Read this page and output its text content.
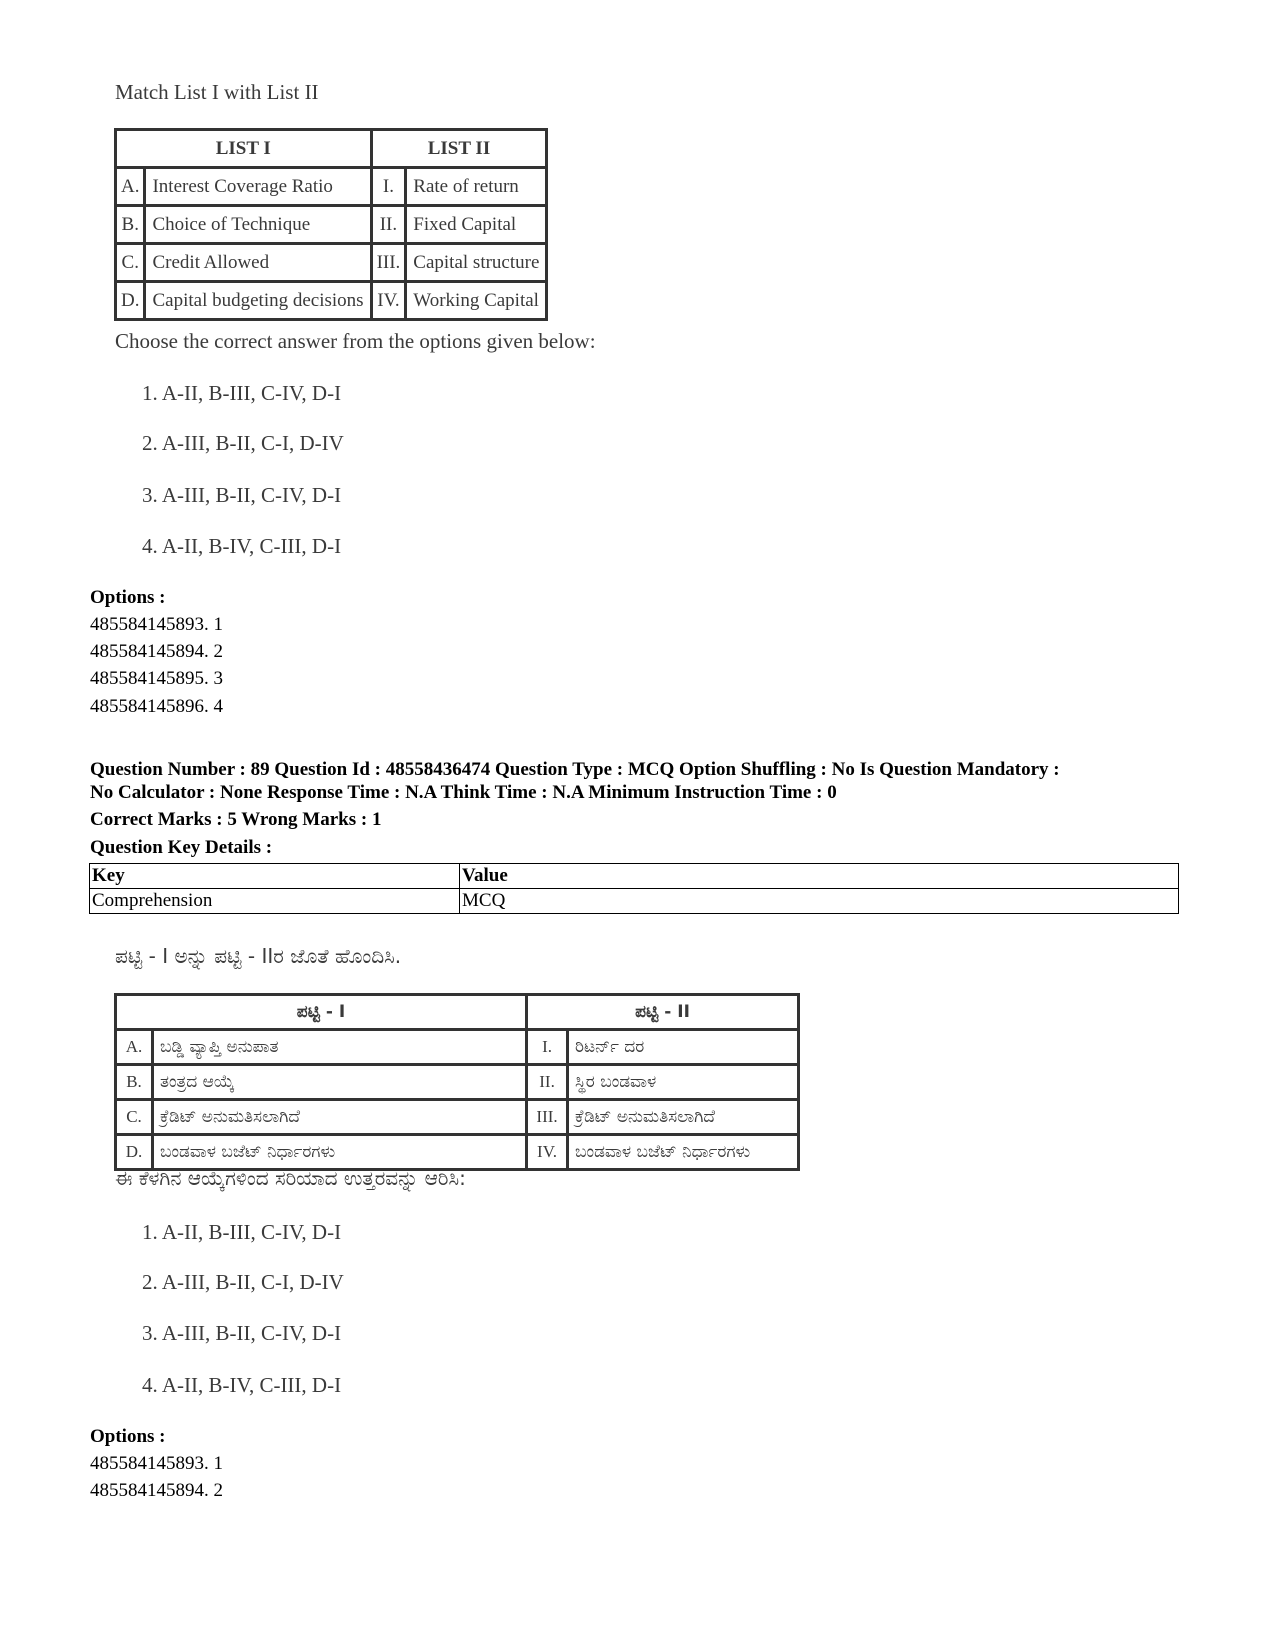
Match List I with List II
LIST I		LIST II	
A.	Interest Coverage Ratio	I.	Rate of return
B.	Choice of Technique	II.	Fixed Capital
C.	Credit Allowed	III.	Capital structure
D.	Capital budgeting decisions	IV.	Working Capital
Choose the correct answer from the options given below:
1. A-II, B-III, C-IV, D-I
2. A-III, B-II, C-I, D-IV
3. A-III, B-II, C-IV, D-I
4. A-II, B-IV, C-III, D-I
Options :
485584145893. 1
485584145894. 2
485584145895. 3
485584145896. 4
Question Number : 89 Question Id : 48558436474 Question Type : MCQ Option Shuffling : No Is Question Mandatory :
No Calculator : None Response Time : N.A Think Time : N.A Minimum Instruction Time : 0
Correct Marks : 5 Wrong Marks : 1
Question Key Details :
Key	Value
Comprehension	MCQ
ಪಟ್ಟಿ - I ಅನ್ನು ಪಟ್ಟಿ - IIರ ಜೊತೆ ಹೊಂದಿಸಿ.
ಪಟ್ಟಿ - I		ಪಟ್ಟಿ - II	
A.	ಬಡ್ಡಿ ವ್ಯಾಪ್ತಿ ಅನುಪಾತ	I.	ರಿಟರ್ನ್ ದರ
B.	ತಂತ್ರದ ಆಯ್ಕೆ	II.	ಸ್ಥಿರ ಬಂಡವಾಳ
C.	ಕ್ರೆಡಿಟ್ ಅನುಮತಿಸಲಾಗಿದೆ	III.	ಕ್ರೆಡಿಟ್ ಅನುಮತಿಸಲಾಗಿದೆ
D.	ಬಂಡವಾಳ ಬಜೆಟ್ ನಿರ್ಧಾರಗಳು	IV.	ಬಂಡವಾಳ ಬಜೆಟ್ ನಿರ್ಧಾರಗಳು
ಈ ಕೆಳಗಿನ ಆಯ್ಕೆಗಳಿಂದ ಸರಿಯಾದ ಉತ್ತರವನ್ನು ಆರಿಸಿ:
1. A-II, B-III, C-IV, D-I
2. A-III, B-II, C-I, D-IV
3. A-III, B-II, C-IV, D-I
4. A-II, B-IV, C-III, D-I
Options :
485584145893. 1
485584145894. 2
